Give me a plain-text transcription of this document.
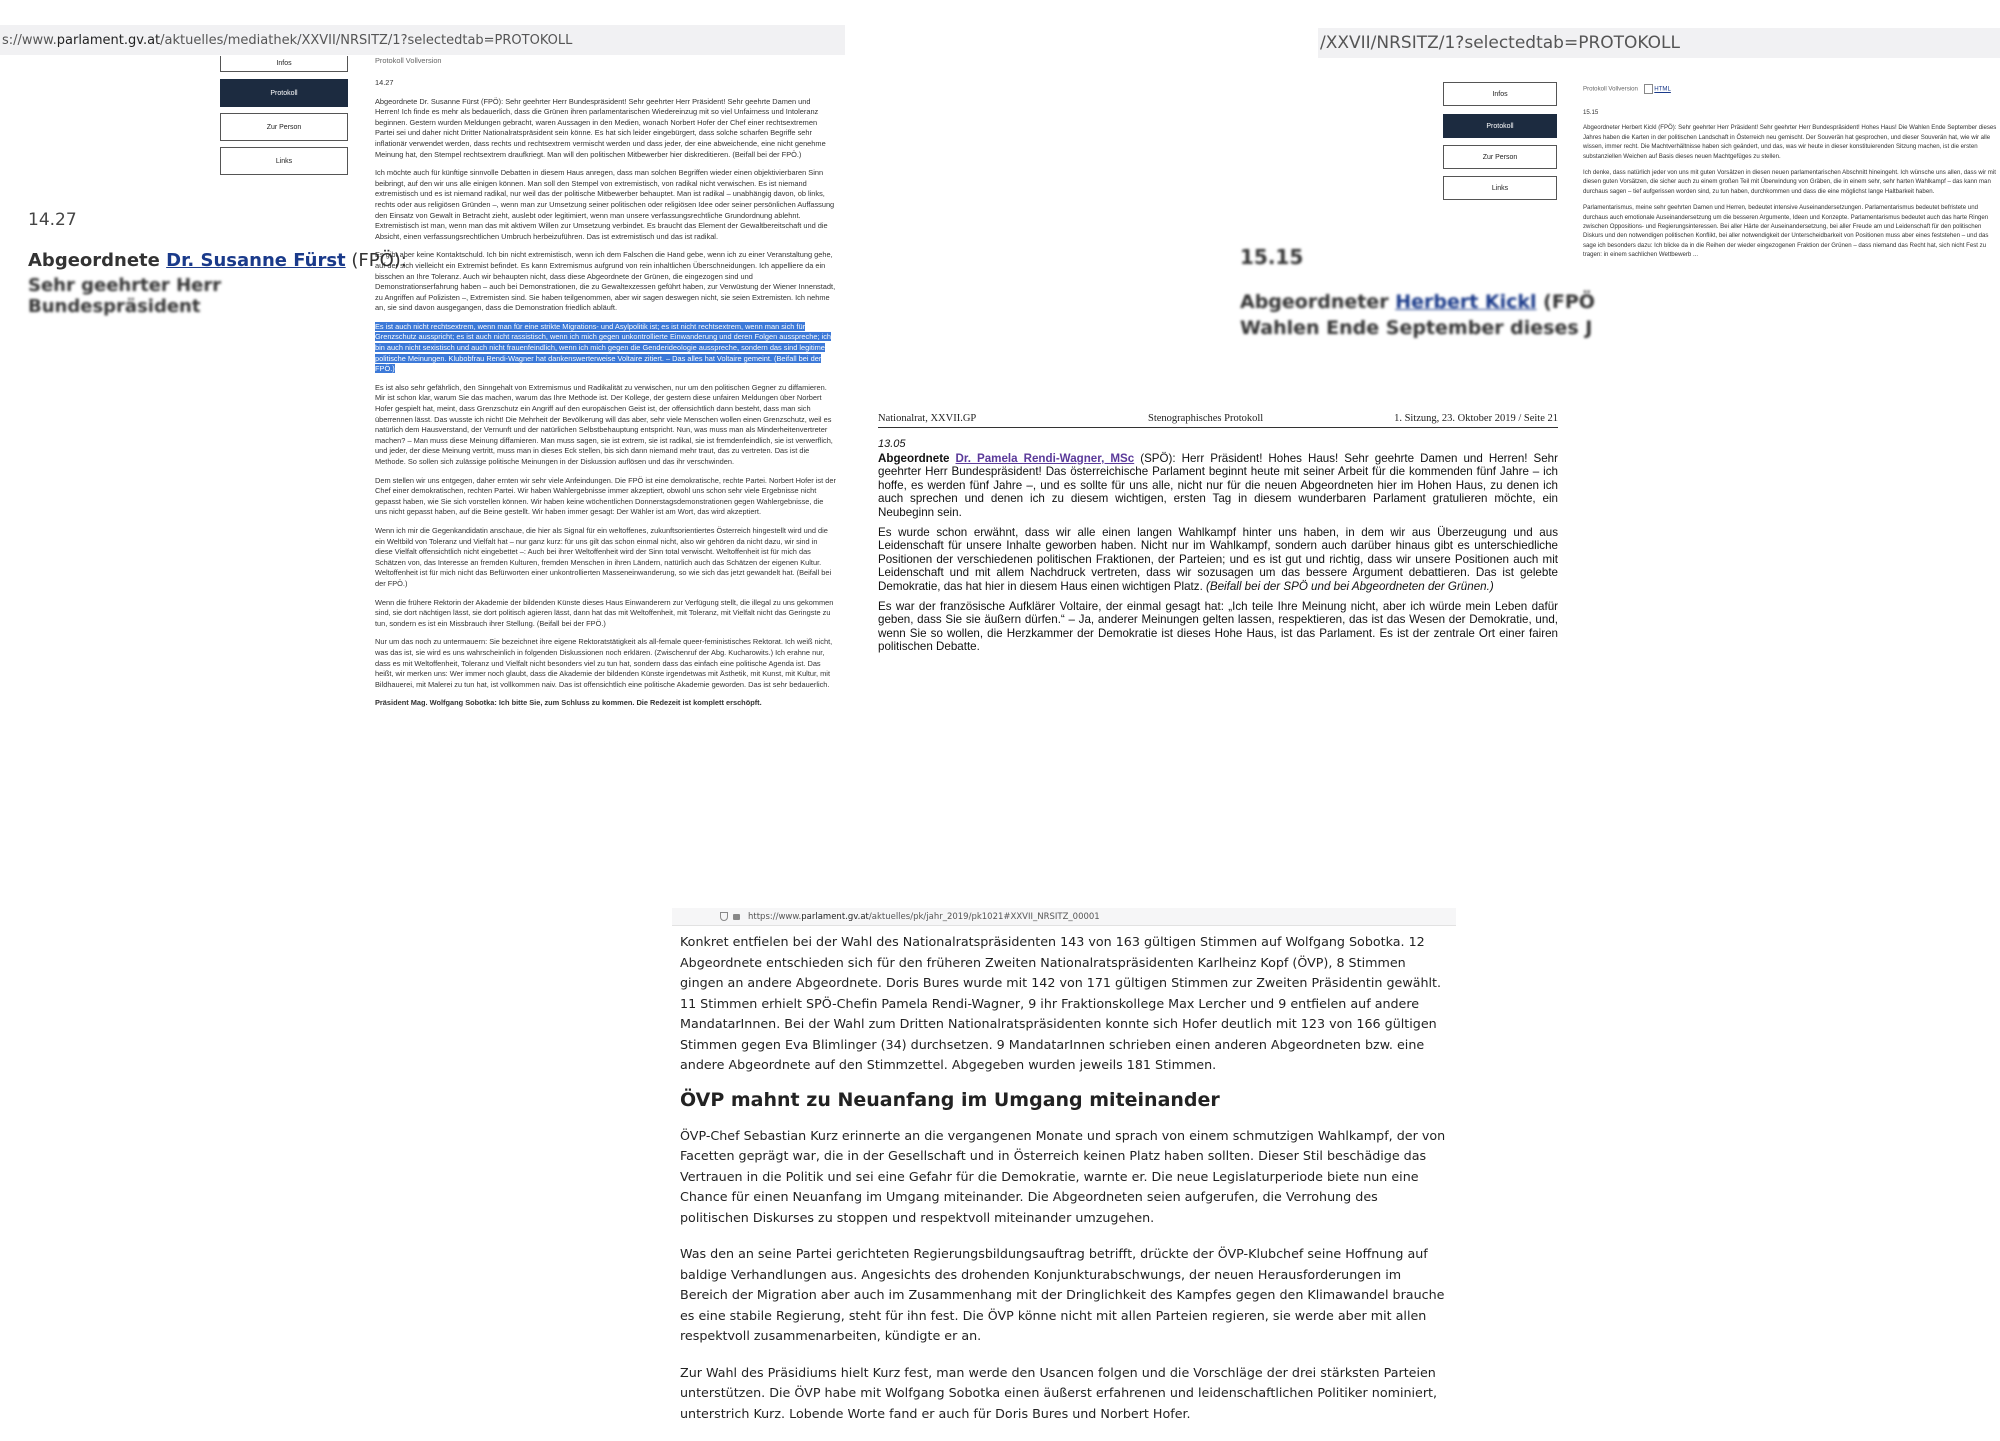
s://www. parlament.gv.at /aktuelles/mediathek/XXVII/NRSITZ/1?selectedtab=PROTOKOLL
Infos
Protokoll
Zur Person
Links
14.27
Abgeordnete Dr. Susanne Fürst (FPÖ):
Sehr geehrter Herr Bundespräsident
Protokoll Vollversion
14.27

Abgeordnete Dr. Susanne Fürst (FPÖ): Sehr geehrter Herr Bundespräsident! Sehr geehrter Herr Präsident! Sehr geehrte Damen und Herren! Ich finde es mehr als bedauerlich, dass die Grünen ihren parlamentarischen Wiedereinzug mit so viel Unfairness und Intoleranz beginnen. Gestern wurden Meldungen gebracht, waren Aussagen in den Medien, wonach Norbert Hofer der Chef einer rechtsextremen Partei sei und daher nicht Dritter Nationalratspräsident sein könne. Es hat sich leider eingebürgert, dass solche scharfen Begriffe sehr inflationär verwendet werden, dass rechts und rechtsextrem vermischt werden und dass jeder, der eine abweichende, eine nicht genehme Meinung hat, den Stempel rechtsextrem draufkriegt. Man will den politischen Mitbewerber hier diskreditieren. (Beifall bei der FPÖ.)

Ich möchte auch für künftige sinnvolle Debatten in diesem Haus anregen, dass man solchen Begriffen wieder einen objektivierbaren Sinn beibringt, auf den wir uns alle einigen können. Man soll den Stempel von extremistisch, von radikal nicht verwischen. Es ist niemand extremistisch und es ist niemand radikal, nur weil das der politische Mitbewerber behauptet. Man ist radikal – unabhängig davon, ob links, rechts oder aus religiösen Gründen –, wenn man zur Umsetzung seiner politischen oder religiösen Idee oder seiner persönlichen Auffassung den Einsatz von Gewalt in Betracht zieht, auslebt oder legitimiert, wenn man unsere verfassungsrechtliche Grundordnung ablehnt. Extremistisch ist man, wenn man das mit aktivem Willen zur Umsetzung verbindet. Es braucht das Element der Gewaltbereitschaft und die Absicht, einen verfassungsrechtlichen Umbruch herbeizuführen. Das ist extremistisch und das ist radikal.

Es gibt aber keine Kontaktschuld. Ich bin nicht extremistisch, wenn ich dem Falschen die Hand gebe, wenn ich zu einer Veranstaltung gehe, auf der sich vielleicht ein Extremist befindet. Es kann Extremismus aufgrund von rein inhaltlichen Überschneidungen. Ich appelliere da ein bisschen an Ihre Toleranz. Auch wir behaupten nicht, dass diese Abgeordnete der Grünen, die eingezogen sind und Demonstrationserfahrung haben – auch bei Demonstrationen, die zu Gewaltexzessen geführt haben, zur Verwüstung der Wiener Innenstadt, zu Angriffen auf Polizisten –, Extremisten sind. Sie haben teilgenommen, aber wir sagen deswegen nicht, sie seien Extremisten. Ich nehme an, sie sind davon ausgegangen, dass die Demonstration friedlich abläuft.

Es ist auch nicht rechtsextrem, wenn man für eine strikte Migrations- und Asylpolitik ist; es ist nicht rechtsextrem, wenn man sich für Grenzschutz ausspricht; es ist auch nicht rassistisch, wenn ich mich gegen unkontrollierte Einwanderung und deren Folgen ausspreche; ich bin auch nicht sexistisch und auch nicht frauenfeindlich, wenn ich mich gegen die Genderideologie ausspreche, sondern das sind legitime politische Meinungen. Klubobfrau Rendi-Wagner hat dankenswerterweise Voltaire zitiert. – Das alles hat Voltaire gemeint. (Beifall bei der FPÖ.)

Es ist also sehr gefährlich, den Sinngehalt von Extremismus und Radikalität zu verwischen, nur um den politischen Gegner zu diffamieren. Mir ist schon klar, warum Sie das machen, warum das Ihre Methode ist. Der Kollege, der gestern diese unfairen Meldungen über Norbert Hofer gespielt hat, meint, dass Grenzschutz ein Angriff auf den europäischen Geist ist, der offensichtlich dann besteht, dass man sich überrennen lässt. Das wusste ich nicht! Die Mehrheit der Bevölkerung will das aber, sehr viele Menschen wollen einen Grenzschutz, weil es natürlich dem Hausverstand, der Vernunft und der natürlichen Selbstbehauptung entspricht. Nun, was muss man als Minderheitenvertreter machen? – Man muss diese Meinung diffamieren. Man muss sagen, sie ist extrem, sie ist radikal, sie ist fremdenfeindlich, sie ist verwerflich, und jeder, der diese Meinung vertritt, muss man in dieses Eck stellen, bis sich dann niemand mehr traut, das zu vertreten. Das ist die Methode. So sollen sich zulässige politische Meinungen in der Diskussion auflösen und das ihr verschwinden.

Dem stellen wir uns entgegen, daher ernten wir sehr viele Anfeindungen. Die FPÖ ist eine demokratische, rechte Partei. Norbert Hofer ist der Chef einer demokratischen, rechten Partei. Wir haben Wahlergebnisse immer akzeptiert, obwohl uns schon sehr viele Ergebnisse nicht gepasst haben, wie Sie sich vorstellen können. Wir haben keine wöchentlichen Donnerstagsdemonstrationen gegen Wahlergebnisse, die uns nicht gepasst haben, auf die Beine gestellt. Wir haben immer gesagt: Der Wähler ist am Wort, das wird akzeptiert.

Wenn ich mir die Gegenkandidatin anschaue, die hier als Signal für ein weltoffenes, zukunftsorientiertes Österreich hingestellt wird und die ein Weltbild von Toleranz und Vielfalt hat – nur ganz kurz: für uns gilt das schon einmal nicht, also wir gehören da nicht dazu, wir sind in diese Vielfalt offensichtlich nicht eingebettet –: Auch bei ihrer Weltoffenheit wird der Sinn total verwischt. Weltoffenheit ist für mich das Schätzen von, das Interesse an fremden Kulturen, fremden Menschen in ihren Ländern, natürlich auch das Schätzen der eigenen Kultur. Weltoffenheit ist für mich nicht das Befürworten einer unkontrollierten Masseneinwanderung, so wie sich das jetzt gewandelt hat. (Beifall bei der FPÖ.)

Wenn die frühere Rektorin der Akademie der bildenden Künste dieses Haus Einwanderern zur Verfügung stellt, die illegal zu uns gekommen sind, sie dort nächtigen lässt, sie dort politisch agieren lässt, dann hat das mit Weltoffenheit, mit Toleranz, mit Vielfalt nicht das Geringste zu tun, sondern es ist ein Missbrauch ihrer Stellung. (Beifall bei der FPÖ.)

Nur um das noch zu untermauern: Sie bezeichnet ihre eigene Rektoratstätigkeit als all-female queer-feministisches Rektorat. Ich weiß nicht, was das ist, sie wird es uns wahrscheinlich in folgenden Diskussionen noch erklären. (Zwischenruf der Abg. Kucharowits.) Ich erahne nur, dass es mit Weltoffenheit, Toleranz und Vielfalt nicht besonders viel zu tun hat, sondern dass das einfach eine politische Agenda ist. Das heißt, wir merken uns: Wer immer noch glaubt, dass die Akademie der bildenden Künste irgendetwas mit Ästhetik, mit Kunst, mit Kultur, mit Bildhauerei, mit Malerei zu tun hat, ist vollkommen naiv. Das ist offensichtlich eine politische Akademie geworden. Das ist sehr bedauerlich.

Präsident Mag. Wolfgang Sobotka: Ich bitte Sie, zum Schluss zu kommen. Die Redezeit ist komplett erschöpft.

/XXVII/NRSITZ/1?selectedtab=PROTOKOLL
Infos
Protokoll
Zur Person
Links
15.15
Abgeordneter Herbert Kickl (FPÖ
Wahlen Ende September dieses J
Protokoll Vollversion	HTML
15.15

Abgeordneter Herbert Kickl (FPÖ): Sehr geehrter Herr Präsident! Sehr geehrter Herr Bundespräsident! Hohes Haus! Die Wahlen Ende September dieses Jahres haben die Karten in der politischen Landschaft in Österreich neu gemischt. Der Souverän hat gesprochen, und dieser Souverän hat, wie wir alle wissen, immer recht. Die Machtverhältnisse haben sich geändert, und das, was wir heute in dieser konstituierenden Sitzung machen, ist die ersten substanziellen Weichen auf Basis dieses neuen Machtgefüges zu stellen.

Ich denke, dass natürlich jeder von uns mit guten Vorsätzen in diesen neuen parlamentarischen Abschnitt hineingeht. Ich wünsche uns allen, dass wir mit diesen guten Vorsätzen, die sicher auch zu einem großen Teil mit Überwindung von Gräben, die in einem sehr, sehr harten Wahlkampf – das kann man durchaus sagen – tief aufgerissen worden sind, zu tun haben, durchkommen und dass die eine möglichst lange Haltbarkeit haben.

Parlamentarismus, meine sehr geehrten Damen und Herren, bedeutet intensive Auseinandersetzungen. Parlamentarismus bedeutet befristete und durchaus auch emotionale Auseinandersetzung um die besseren Argumente, Ideen und Konzepte. Parlamentarismus bedeutet auch das harte Ringen zwischen Oppositions- und Regierungsinteressen. Bei aller Härte der Auseinandersetzung, bei aller Freude am und Leidenschaft für den politischen Diskurs und den notwendigen politischen Konflikt, bei aller notwendigkeit der Unterscheidbarkeit von Positionen muss aber eines feststehen – und das sage ich besonders dazu: Ich blicke da in die Reihen der wieder eingezogenen Fraktion der Grünen – dass niemand das Recht hat, sich nicht Fest zu tragen: in einem sachlichen Wettbewerb ...

Nationalrat, XXVII.GP	Stenographisches Protokoll	1. Sitzung, 23. Oktober 2019 / Seite 21
13.05

Abgeordnete Dr. Pamela Rendi-Wagner, MSc (SPÖ): Herr Präsident! Hohes Haus! Sehr geehrte Damen und Herren! Sehr geehrter Herr Bundespräsident! Das österreichische Parlament beginnt heute mit seiner Arbeit für die kommenden fünf Jahre – ich hoffe, es werden fünf Jahre –, und es sollte für uns alle, nicht nur für die neuen Abgeordneten hier im Hohen Haus, zu denen ich auch sprechen und denen ich zu diesem wichtigen, ersten Tag in diesem wunderbaren Parlament gratulieren möchte, ein Neubeginn sein.

Es wurde schon erwähnt, dass wir alle einen langen Wahlkampf hinter uns haben, in dem wir aus Überzeugung und aus Leidenschaft für unsere Inhalte geworben haben. Nicht nur im Wahlkampf, sondern auch darüber hinaus gibt es unterschiedliche Positionen der verschiedenen politischen Fraktionen, der Parteien; und es ist gut und richtig, dass wir unsere Positionen auch mit Leidenschaft und mit allem Nachdruck vertreten, dass wir sozusagen um das bessere Argument debattieren. Das ist gelebte Demokratie, das hat hier in diesem Haus einen wichtigen Platz. (Beifall bei der SPÖ und bei Abgeordneten der Grünen.)

Es war der französische Aufklärer Voltaire, der einmal gesagt hat: „Ich teile Ihre Meinung nicht, aber ich würde mein Leben dafür geben, dass Sie sie äußern dürfen.“ – Ja, anderer Meinungen gelten lassen, respektieren, das ist das Wesen der Demokratie, und, wenn Sie so wollen, die Herzkammer der Demokratie ist dieses Hohe Haus, ist das Parlament. Es ist der zentrale Ort einer fairen politischen Debatte.

https://www. parlament.gv.at /aktuelles/pk/jahr_2019/pk1021#XXVII_NRSITZ_00001

Konkret entfielen bei der Wahl des Nationalratspräsidenten 143 von 163 gültigen Stimmen auf Wolfgang Sobotka. 12 Abgeordnete entschieden sich für den früheren Zweiten Nationalratspräsidenten Karlheinz Kopf (ÖVP), 8 Stimmen gingen an andere Abgeordnete. Doris Bures wurde mit 142 von 171 gültigen Stimmen zur Zweiten Präsidentin gewählt. 11 Stimmen erhielt SPÖ-Chefin Pamela Rendi-Wagner, 9 ihr Fraktionskollege Max Lercher und 9 entfielen auf andere MandatarInnen. Bei der Wahl zum Dritten Nationalratspräsidenten konnte sich Hofer deutlich mit 123 von 166 gültigen Stimmen gegen Eva Blimlinger (34) durchsetzen. 9 MandatarInnen schrieben einen anderen Abgeordneten bzw. eine andere Abgeordnete auf den Stimmzettel. Abgegeben wurden jeweils 181 Stimmen.

ÖVP mahnt zu Neuanfang im Umgang miteinander

ÖVP-Chef Sebastian Kurz erinnerte an die vergangenen Monate und sprach von einem schmutzigen Wahlkampf, der von Facetten geprägt war, die in der Gesellschaft und in Österreich keinen Platz haben sollten. Dieser Stil beschädige das Vertrauen in die Politik und sei eine Gefahr für die Demokratie, warnte er. Die neue Legislaturperiode biete nun eine Chance für einen Neuanfang im Umgang miteinander. Die Abgeordneten seien aufgerufen, die Verrohung des politischen Diskurses zu stoppen und respektvoll miteinander umzugehen.

Was den an seine Partei gerichteten Regierungsbildungsauftrag betrifft, drückte der ÖVP-Klubchef seine Hoffnung auf baldige Verhandlungen aus. Angesichts des drohenden Konjunkturabschwungs, der neuen Herausforderungen im Bereich der Migration aber auch im Zusammenhang mit der Dringlichkeit des Kampfes gegen den Klimawandel brauche es eine stabile Regierung, steht für ihn fest. Die ÖVP könne nicht mit allen Parteien regieren, sie werde aber mit allen respektvoll zusammenarbeiten, kündigte er an.

Zur Wahl des Präsidiums hielt Kurz fest, man werde den Usancen folgen und die Vorschläge der drei stärksten Parteien unterstützen. Die ÖVP habe mit Wolfgang Sobotka einen äußerst erfahrenen und leidenschaftlichen Politiker nominiert, unterstrich Kurz. Lobende Worte fand er auch für Doris Bures und Norbert Hofer.
